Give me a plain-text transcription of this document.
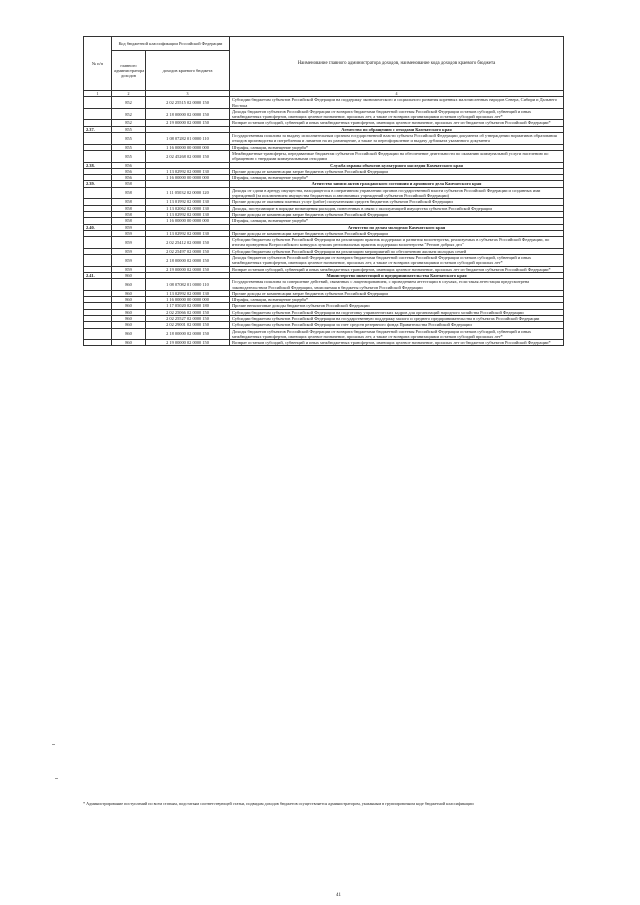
№ п/п	Код бюджетной классификации Российской Федерации		Наименование главного администратора доходов, наименование кода доходов краевого бюджета
	главного администратора доходов	доходов краевого бюджета	
1	2	3	4
	852	2 02 25515 02 0000 150	Субсидии бюджетам субъектов Российской Федерации на поддержку экономического и социального развития коренных малочисленных народов Севера, Сибири и Дальнего Востока
	852	2 18 00000 02 0000 150	Доходы бюджетов субъектов Российской Федерации от возврата бюджетами бюджетной системы Российской Федерации остатков субсидий, субвенций и иных межбюджетных трансфертов, имеющих целевое назначение, прошлых лет, а также от возврата организациями остатков субсидий прошлых лет*
	852	2 19 00000 02 0000 150	Возврат остатков субсидий, субвенций и иных межбюджетных трансфертов, имеющих целевое назначение, прошлых лет из бюджетов субъектов Российской Федерации*
2.37.	855		Агентство по обращению с отходами Камчатского края
	855	1 08 07282 01 0000 110	Государственная пошлина за выдачу исполнительным органом государственной власти субъекта Российской Федерации документа об утверждении нормативов образования отходов производства и потребления и лимитов на их размещение, а также за переоформление и выдачу дубликата указанного документа
	855	1 16 00000 00 0000 000	Штрафы, санкции, возмещение ущерба*
	855	2 02 45268 02 0000 150	Межбюджетные трансферты, передаваемые бюджетам субъектов Российской Федерации на обеспечение деятельности по оказанию коммунальной услуги населению по обращению с твердыми коммунальными отходами
2.38.	856		Служба охраны объектов культурного наследия Камчатского края
	856	1 13 02992 02 0000 130	Прочие доходы от компенсации затрат бюджетов субъектов Российской Федерации
	856	1 16 00000 00 0000 000	Штрафы, санкции, возмещение ущерба*
2.39.	858		Агентство записи актов гражданского состояния и архивного дела Камчатского края
	858	1 11 05032 02 0000 120	Доходы от сдачи в аренду имущества, находящегося в оперативном управлении органов государственной власти субъектов Российской Федерации и созданных ими учреждений (за исключением имущества бюджетных и автономных учреждений субъектов Российской Федерации)
	858	1 13 01992 02 0000 130	Прочие доходы от оказания платных услуг (работ) получателями средств бюджетов субъектов Российской Федерации
	858	1 13 02062 02 0000 130	Доходы, поступающие в порядке возмещения расходов, понесенных в связи с эксплуатацией имущества субъектов Российской Федерации
	858	1 13 02992 02 0000 130	Прочие доходы от компенсации затрат бюджетов субъектов Российской Федерации
	858	1 16 00000 00 0000 000	Штрафы, санкции, возмещение ущерба*
2.40.	859		Агентство по делам молодежи Камчатского края
	859	1 13 02992 02 0000 130	Прочие доходы от компенсации затрат бюджетов субъектов Российской Федерации
	859	2 02 25412 02 0000 150	Субсидии бюджетам субъектов Российской Федерации на реализацию практик поддержки и развития волонтерства, реализуемых в субъектах Российской Федерации, по итогам проведения Всероссийского конкурса лучших региональных практик поддержки волонтерства "Регион добрых дел"
	859	2 02 25497 02 0000 150	Субсидии бюджетам субъектов Российской Федерации на реализацию мероприятий по обеспечению жильем молодых семей
	859	2 18 00000 02 0000 150	Доходы бюджетов субъектов Российской Федерации от возврата бюджетами бюджетной системы Российской Федерации остатков субсидий, субвенций и иных межбюджетных трансфертов, имеющих целевое назначение, прошлых лет, а также от возврата организациями остатков субсидий прошлых лет*
	859	2 19 00000 02 0000 150	Возврат остатков субсидий, субвенций и иных межбюджетных трансфертов, имеющих целевое назначение, прошлых лет из бюджетов субъектов Российской Федерации*
2.41.	860		Министерство инвестиций и предпринимательства Камчатского края
	860	1 08 07082 01 0000 110	Государственная пошлина за совершение действий, связанных с лицензированием, с проведением аттестации в случаях, если такая аттестация предусмотрена законодательством Российской Федерации, зачисляемая в бюджеты субъектов Российской Федерации
	860	1 13 02992 02 0000 130	Прочие доходы от компенсации затрат бюджетов субъектов Российской Федерации
	860	1 16 00000 00 0000 000	Штрафы, санкции, возмещение ущерба*
	860	1 17 05020 02 0000 180	Прочие неналоговые доходы бюджетов субъектов Российской Федерации
	860	2 02 25066 02 0000 150	Субсидии бюджетам субъектов Российской Федерации на подготовку управленческих кадров для организаций народного хозяйства Российской Федерации
	860	2 02 25527 02 0000 150	Субсидии бюджетам субъектов Российской Федерации на государственную поддержку малого и среднего предпринимательства в субъектах Российской Федерации
	860	2 02 29001 02 0000 150	Субсидии бюджетам субъектов Российской Федерации за счет средств резервного фонда Правительства Российской Федерации
	860	2 18 00000 02 0000 150	Доходы бюджетов субъектов Российской Федерации от возврата бюджетами бюджетной системы Российской Федерации остатков субсидий, субвенций и иных межбюджетных трансфертов, имеющих целевое назначение, прошлых лет, а также от возврата организациями остатков субсидий прошлых лет*
	860	2 19 00000 02 0000 150	Возврат остатков субсидий, субвенций и иных межбюджетных трансфертов, имеющих целевое назначение, прошлых лет из бюджетов субъектов Российской Федерации*
* Администрирование поступлений по всем статьям, подстатьям соответствующей статьи, подвидам доходов бюджетов осуществляется администратором, указанным в группировочном коде бюджетной классификации
41
